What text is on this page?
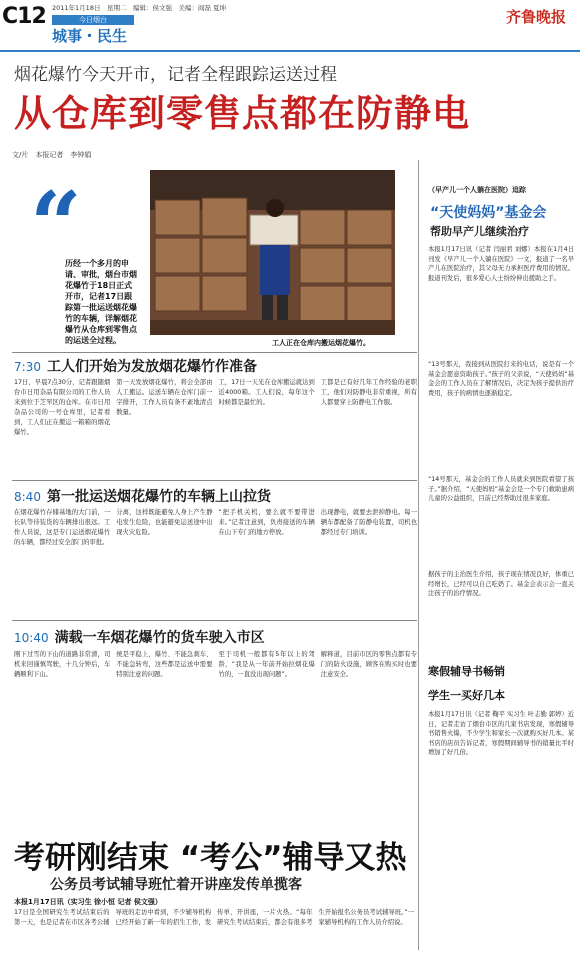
C12 2011年1月18日　星期二　编辑：侯文强　美编：阎磊 夏坤
今日烟台
城事・民生
齐鲁晚报
烟花爆竹今天开市，记者全程跟踪运送过程
从仓库到零售点都在防静电
文/片　本报记者　李钟娟
“
历经一个多月的申请、审批，烟台市烟花爆竹于18日正式开市，记者17日跟踪第一批运送烟花爆竹的车辆，详解烟花爆竹从仓库到零售点的运送全过程。	工人正在仓库内搬运烟花爆竹。
7:30 工人们开始为发放烟花爆竹作准备
17日，早晨7点30分，记者跟随烟台市日用杂品有限公司的工作人员来到位于芝罘区的仓库。在市日用杂品公司的一号仓库里，记者看到，工人们正在搬运一箱箱的烟花爆竹。
第一天发放烟花爆竹，将会全部由人工搬运。运送车辆在仓库门前一字排开，工作人员有条不紊地清点数量。
工，17日一天光在仓库搬运就达到近4000箱。工人们说，每年这个时候都是最忙的。
工都是已有好几年工作经验的老职工，他们对防静电非常重视，所有人都要穿上防静电工作服。
8:40 第一批运送烟花爆竹的车辆上山拉货
在烟花爆竹存储基地的大门前，一长队等待装货的车辆排出很远。工作人员说，这是专门运送烟花爆竹的车辆，都经过安全部门的审批。
分离，这样既能避免人身上产生静电发生危险，也能避免运送途中出现火灾危险。
“把手机关机，要么就不要带进来。”记者注意到，负责接送的车辆在山下专门的地方停放。
出现静电，就要去泄掉静电。每一辆车都配备了防静电装置，司机也都经过专门培训。
10:40 满载一车烟花爆竹的货车驶入市区
刚下过雪的下山的道路非常滑，司机来回谨慎驾驶，十几分钟后，车辆顺利下山。
统是平稳上，爆竹、不能急刹车、不能急转弯，这些都是运送中需要特别注意的问题。
至于司机一般都有5年以上的驾龄，“我是从一年前开始拉烟花爆竹的，一直没出现问题”。
解释道，目前市区的零售点都有专门的防火设施，顾客在购买时也要注意安全。
（早产儿一个人躺在医院）追踪
“天使妈妈”基金会
帮助早产儿继续治疗
本报1月17日讯（记者 闫丽君 刘娜）本报在1月4日刊发《早产儿一个人躺在医院》一文，报道了一名早产儿在医院治疗，其父母无力承担医疗费用的情况。报道刊发后，很多爱心人士纷纷伸出援助之手。
“13号那天，我接到从医院打来的电话，说是有一个基金会愿意资助孩子。”孩子的父亲说，“天使妈妈”基金会的工作人员在了解情况后，决定为孩子提供治疗费用，孩子的病情也逐渐稳定。
“14号那天，基金会的工作人员就来到医院看望了孩子。”据介绍，“天使妈妈”基金会是一个专门救助患病儿童的公益组织，目前已经帮助过很多家庭。
据孩子的主治医生介绍，孩子现在情况良好，体重已经增长，已经可以自己吃奶了。基金会表示会一直关注孩子的治疗情况。
寒假辅导书畅销
学生一买好几本
本报1月17日讯（记者 鞠平 实习生 叶志勤 郭婷）近日，记者走访了烟台市区的几家书店发现，寒假辅导书销售火爆，不少学生和家长一次就购买好几本。某书店的店员告诉记者，寒假期间辅导书的销量比平时增加了好几倍。
考研刚结束 “考公”辅导又热
公务员考试辅导班忙着开讲座发传单揽客
本报1月17日讯（实习生 徐小恒 记者 侯文强）
17日是全国研究生考试结束后的第一天，也是记者在市区各考公辅导班的走访中看到，不少辅导机构已经开始了新一年的招生工作，发传单、开讲座，一片火热。“每年研究生考试结束后，都会有很多考生开始报名公务员考试辅导班。”一家辅导机构的工作人员介绍说。
